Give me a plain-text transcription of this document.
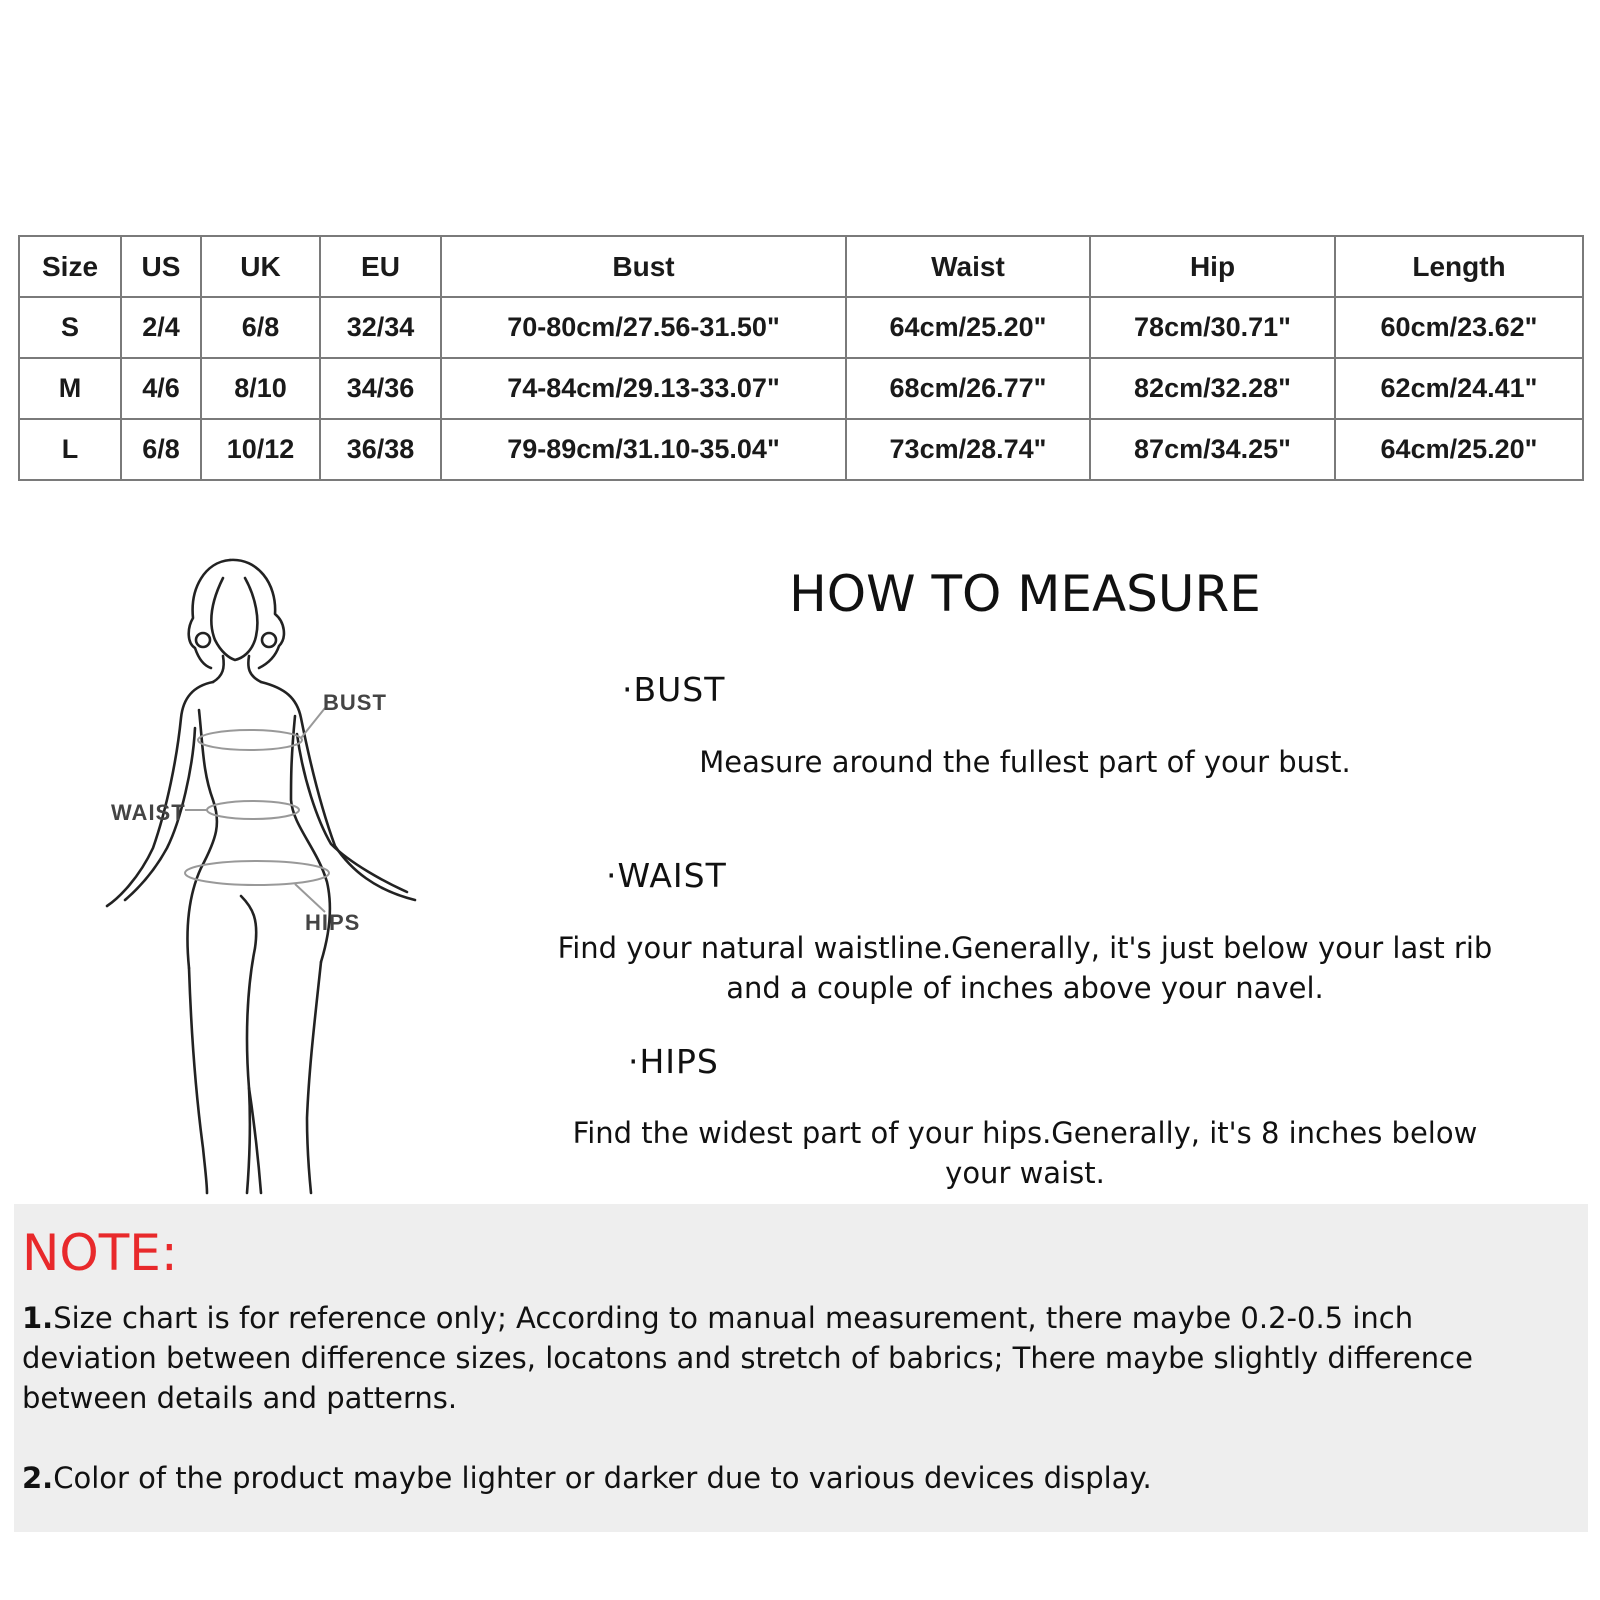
Size	US	UK	EU	Bust	Waist	Hip	Length
S	2/4	6/8	32/34	70-80cm/27.56-31.50"	64cm/25.20"	78cm/30.71"	60cm/23.62"
M	4/6	8/10	34/36	74-84cm/29.13-33.07"	68cm/26.77"	82cm/32.28"	62cm/24.41"
L	6/8	10/12	36/38	79-89cm/31.10-35.04"	73cm/28.74"	87cm/34.25"	64cm/25.20"
BUST
WAIST
HIPS
HOW TO MEASURE
·BUST
Measure around the fullest part of your bust.
·WAIST
Find your natural waistline.Generally, it's just below your last rib
and a couple of inches above your navel.
·HIPS
Find the widest part of your hips.Generally, it's 8 inches below
your waist.
NOTE:
1.Size chart is for reference only; According to manual measurement, there maybe 0.2-0.5 inch
deviation between difference sizes, locatons and stretch of babrics; There maybe slightly difference
between details and patterns.
2.Color of the product maybe lighter or darker due to various devices display.
